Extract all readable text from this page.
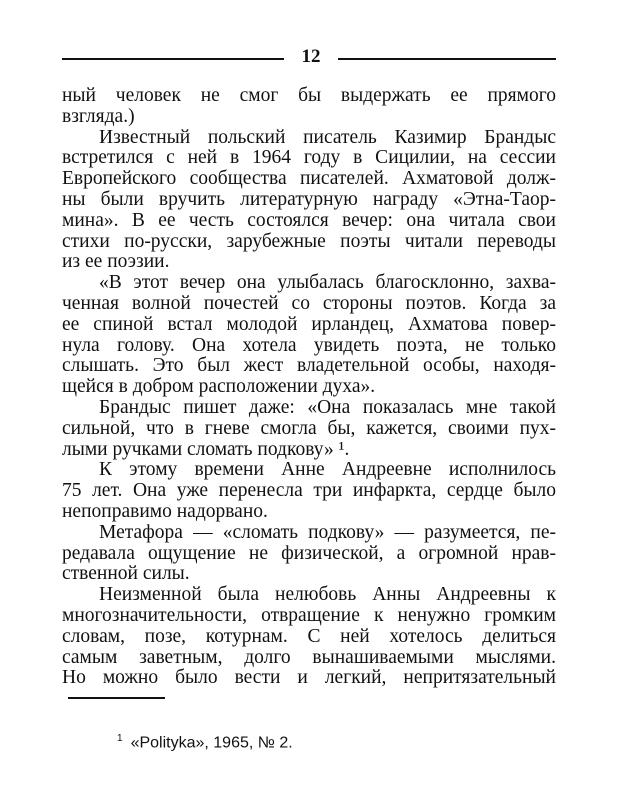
12
ный человек не смог бы выдержать ее прямого
взгляда.)
Известный польский писатель Казимир Брандыс
встретился с ней в 1964 году в Сицилии, на сессии
Европейского сообщества писателей. Ахматовой долж-
ны были вручить литературную награду «Этна-Таор-
мина». В ее честь состоялся вечер: она читала свои
стихи по-русски, зарубежные поэты читали переводы
из ее поэзии.
«В этот вечер она улыбалась благосклонно, захва-
ченная волной почестей со стороны поэтов. Когда за
ее спиной встал молодой ирландец, Ахматова повер-
нула голову. Она хотела увидеть поэта, не только
слышать. Это был жест владетельной особы, находя-
щейся в добром расположении духа».
Брандыс пишет даже: «Она показалась мне такой
сильной, что в гневе смогла бы, кажется, своими пух-
лыми ручками сломать подкову» ¹.
К этому времени Анне Андреевне исполнилось
75 лет. Она уже перенесла три инфаркта, сердце было
непоправимо надорвано.
Метафора — «сломать подкову» — разумеется, пе-
редавала ощущение не физической, а огромной нрав-
ственной силы.
Неизменной была нелюбовь Анны Андреевны к
многозначительности, отвращение к ненужно громким
словам, позе, котурнам. С ней хотелось делиться
самым заветным, долго вынашиваемыми мыслями.
Но можно было вести и легкий, непритязательный
$^1$ «Polityka», 1965, № 2.
